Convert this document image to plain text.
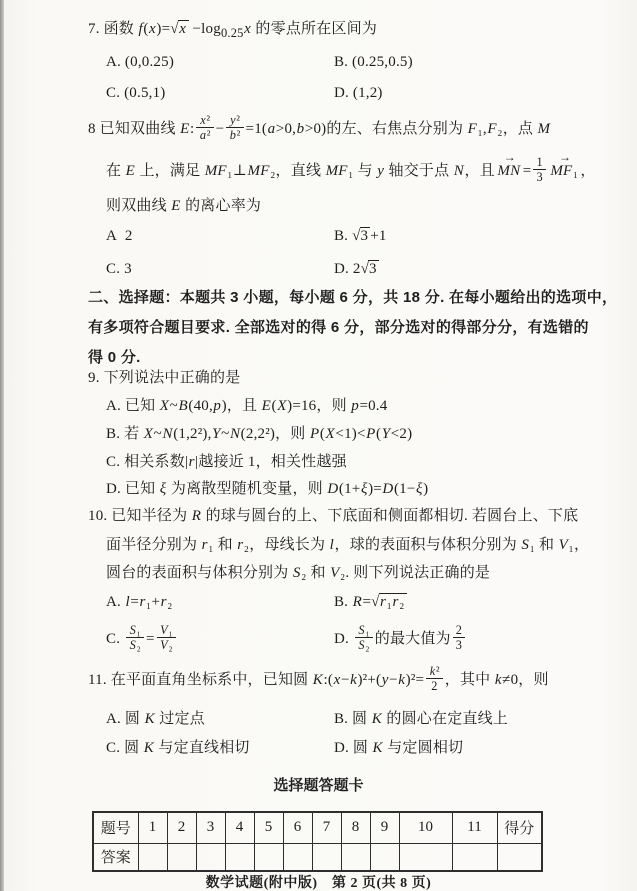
7. 函数 $f(x)=√x -\log_{0.25}x$ 的零点所在区间为
A. (0,0.25)	B. (0.25,0.5)
C. (0.5,1)	D. (1,2)
8 已知双曲线 E: $\frac{\text{x²}}{\text{a²}} - \frac{\text{y²}}{\text{b²}} =1(a>0,b>0)$的左、右焦点分别为 F₁,F₂，点 M
在 E 上，满足 MF₁⊥MF₂，直线 MF₁ 与 y 轴交于点 N，且 → MN = $\frac{1}{3} \to MF_1$ ，
则双曲线 E 的离心率为
A  2	B. √3 +1
C. 3	D. 2√3
二、选择题：本题共 3 小题，每小题 6 分，共 18 分. 在每小题给出的选项中，
有多项符合题目要求. 全部选对的得 6 分，部分选对的得部分分，有选错的
得 0 分.
9. 下列说法中正确的是
A. 已知 X~B(40,p)，且 E(X)=16，则 p=0.4
B. 若 X~N(1,2²),Y~N(2,2²)，则 P(X<1)<P(Y<2)
C. 相关系数|r|越接近 1，相关性越强
D. 已知 ξ 为离散型随机变量，则 D(1+ξ)=D(1−ξ)
10. 已知半径为 R 的球与圆台的上、下底面和侧面都相切. 若圆台上、下底
面半径分别为 r₁ 和 r₂，母线长为 l，球的表面积与体积分别为 S₁ 和 V₁，
圆台的表面积与体积分别为 S₂ 和 V₂. 则下列说法正确的是
A. l=r₁+r₂	B. R=√r₁r₂
C. $\frac{\text{S₁}}{\text{S₂}} = \frac{\text{V₁}}{\text{V₂}}$	D. $\frac{\text{S₁}}{\text{S₂}}$ 的最大值为 $\frac{2}{3}$
11. 在平面直角坐标系中，已知圆 K:(x−k)²+(y−k)²= $\frac{\text{k²}}{2}$ ，其中 k≠0，则
A. 圆 K 过定点	B. 圆 K 的圆心在定直线上
C. 圆 K 与定直线相切	D. 圆 K 与定圆相切
选择题答题卡
题号	1	2	3	4	5	6	7	8	9	10	11	得分
答案												
数学试题(附中版)　第 2 页(共 8 页)
